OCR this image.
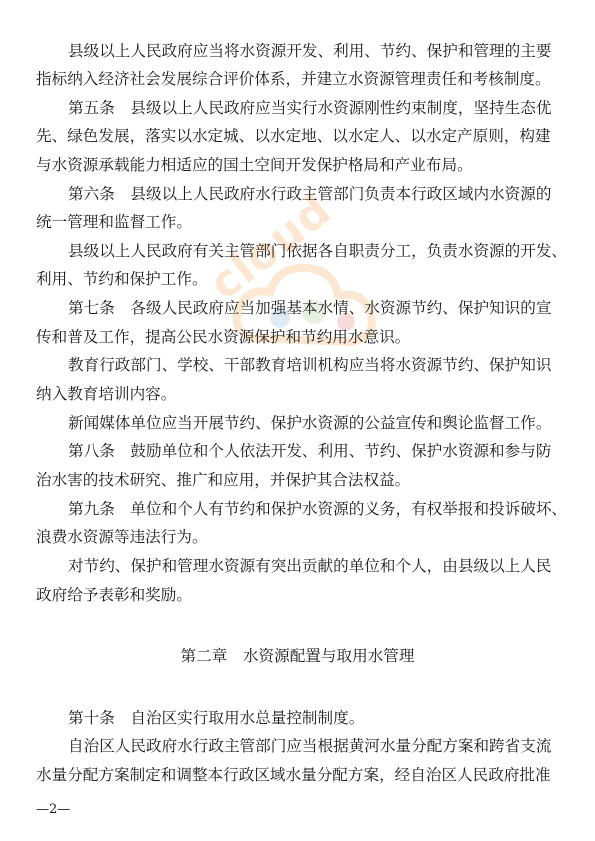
cloud
县级以上人民政府应当将水资源开发、利用、节约、保护和管理的主要
指标纳入经济社会发展综合评价体系，并建立水资源管理责任和考核制度。
第五条　县级以上人民政府应当实行水资源刚性约束制度，坚持生态优
先、绿色发展，落实以水定城、以水定地、以水定人、以水定产原则，构建
与水资源承载能力相适应的国土空间开发保护格局和产业布局。
第六条　县级以上人民政府水行政主管部门负责本行政区域内水资源的
统一管理和监督工作。
县级以上人民政府有关主管部门依据各自职责分工，负责水资源的开发、
利用、节约和保护工作。
第七条　各级人民政府应当加强基本水情、水资源节约、保护知识的宣
传和普及工作，提高公民水资源保护和节约用水意识。
教育行政部门、学校、干部教育培训机构应当将水资源节约、保护知识
纳入教育培训内容。
新闻媒体单位应当开展节约、保护水资源的公益宣传和舆论监督工作。
第八条　鼓励单位和个人依法开发、利用、节约、保护水资源和参与防
治水害的技术研究、推广和应用，并保护其合法权益。
第九条　单位和个人有节约和保护水资源的义务，有权举报和投诉破坏、
浪费水资源等违法行为。
对节约、保护和管理水资源有突出贡献的单位和个人，由县级以上人民
政府给予表彰和奖励。
第二章　水资源配置与取用水管理
第十条　自治区实行取用水总量控制制度。
自治区人民政府水行政主管部门应当根据黄河水量分配方案和跨省支流
水量分配方案制定和调整本行政区域水量分配方案，经自治区人民政府批准
—2—
